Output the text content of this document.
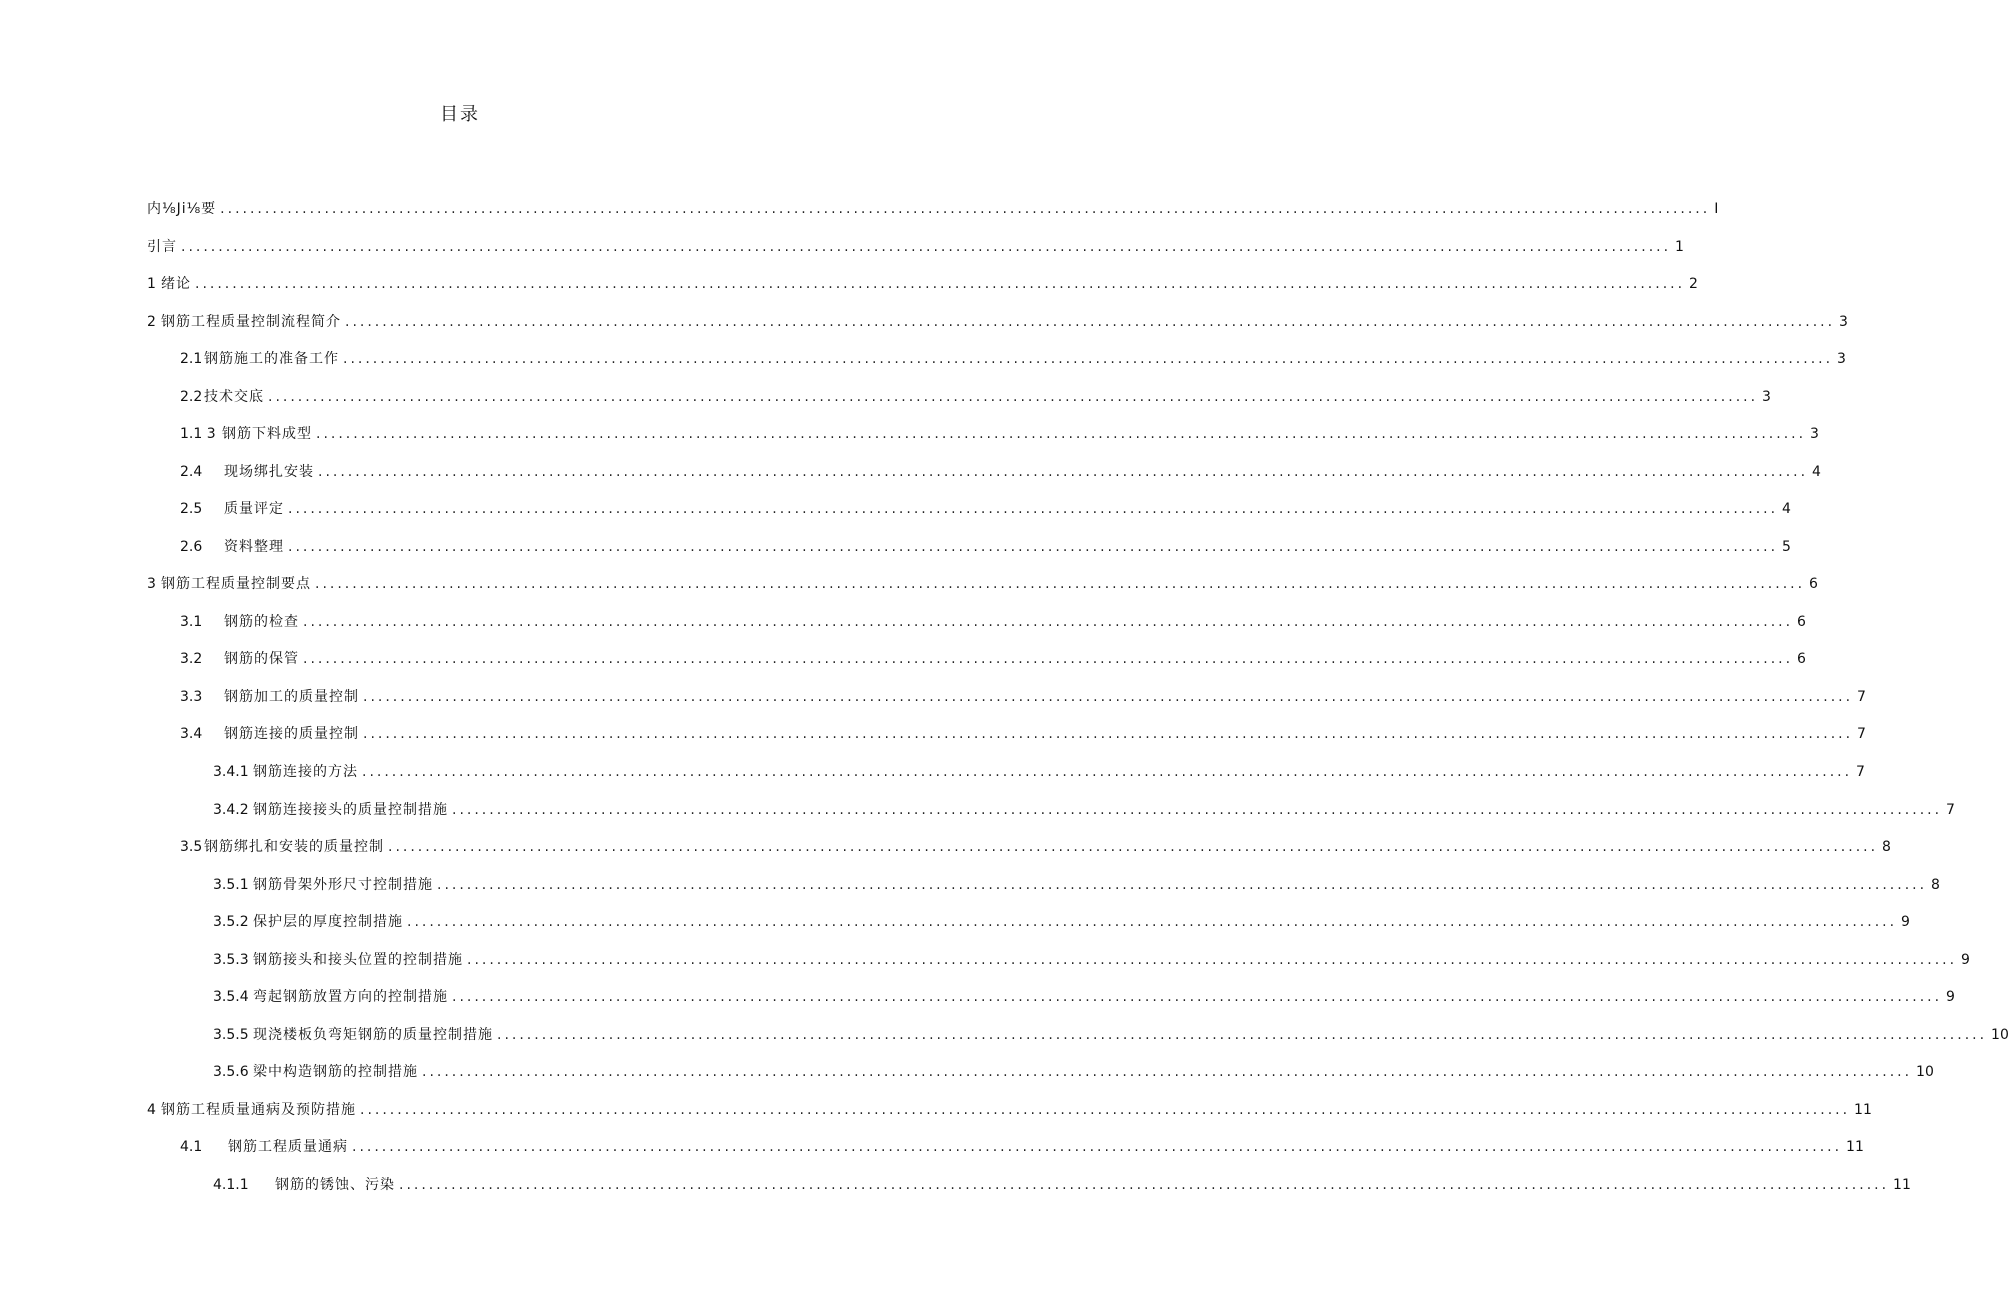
目录
内⅛Ji⅛要 ........................................................................................................................................................................................................ I
引言 ........................................................................................................................................................................................................ 1
1 绪论 ........................................................................................................................................................................................................ 2
2 钢筋工程质量控制流程简介 ........................................................................................................................................................................................................ 3
2.1 钢筋施工的准备工作 ........................................................................................................................................................................................................ 3
2.2 技术交底 ........................................................................................................................................................................................................ 3
1.1 3 钢筋下料成型 ........................................................................................................................................................................................................ 3
2.4	现场绑扎安装 ........................................................................................................................................................................................................ 4
2.5	质量评定 ........................................................................................................................................................................................................ 4
2.6	资料整理 ........................................................................................................................................................................................................ 5
3 钢筋工程质量控制要点 ........................................................................................................................................................................................................ 6
3.1	钢筋的检查 ........................................................................................................................................................................................................ 6
3.2	钢筋的保管 ........................................................................................................................................................................................................ 6
3.3	钢筋加工的质量控制 ........................................................................................................................................................................................................ 7
3.4	钢筋连接的质量控制 ........................................................................................................................................................................................................ 7
3.4.1 钢筋连接的方法 ........................................................................................................................................................................................................ 7
3.4.2 钢筋连接接头的质量控制措施 ........................................................................................................................................................................................................ 7
3.5 钢筋绑扎和安装的质量控制 ........................................................................................................................................................................................................ 8
3.5.1 钢筋骨架外形尺寸控制措施 ........................................................................................................................................................................................................ 8
3.5.2 保护层的厚度控制措施 ........................................................................................................................................................................................................ 9
3.5.3 钢筋接头和接头位置的控制措施 ........................................................................................................................................................................................................ 9
3.5.4 弯起钢筋放置方向的控制措施 ........................................................................................................................................................................................................ 9
3.5.5 现浇楼板负弯矩钢筋的质量控制措施 ........................................................................................................................................................................................................ 10
3.5.6 梁中构造钢筋的控制措施 ........................................................................................................................................................................................................ 10
4 钢筋工程质量通病及预防措施 ........................................................................................................................................................................................................ 11
4.1	钢筋工程质量通病 ........................................................................................................................................................................................................ 11
4.1.1	钢筋的锈蚀、污染 ........................................................................................................................................................................................................ 11
